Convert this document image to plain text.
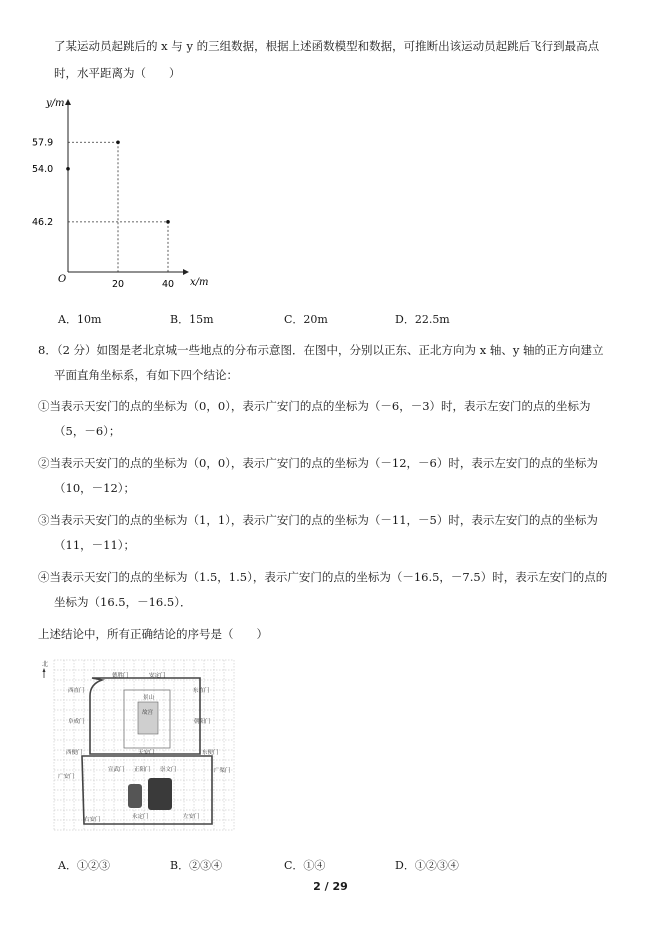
了某运动员起跳后的 x 与 y 的三组数据，根据上述函数模型和数据，可推断出该运动员起跳后飞行到最高点
时，水平距离为（　　）
y/m
x/m
O
57.9
54.0
46.2
20	40
A．10m	B．15m	C．20m	D．22.5m
8．（2 分）如图是老北京城一些地点的分布示意图．在图中，分别以正东、正北方向为 x 轴、y 轴的正方向建立
平面直角坐标系，有如下四个结论：
①当表示天安门的点的坐标为（0，0），表示广安门的点的坐标为（－6，－3）时，表示左安门的点的坐标为
（5，－6）；
②当表示天安门的点的坐标为（0，0），表示广安门的点的坐标为（－12，－6）时，表示左安门的点的坐标为
（10，－12）；
③当表示天安门的点的坐标为（1，1），表示广安门的点的坐标为（－11，－5）时，表示左安门的点的坐标为
（11，－11）；
④当表示天安门的点的坐标为（1.5，1.5），表示广安门的点的坐标为（－16.5，－7.5）时，表示左安门的点的
坐标为（16.5，－16.5）．
上述结论中，所有正确结论的序号是（　　）
北
德胜门	安定门
西直门	东直门
景山
故宫
阜成门	朝阳门
西便门	天安门	东便门
宣武门 正阳门 崇文门
广安门
广渠门
右安门	永定门	左安门
A．①②③	B．②③④	C．①④	D．①②③④
2 / 29
